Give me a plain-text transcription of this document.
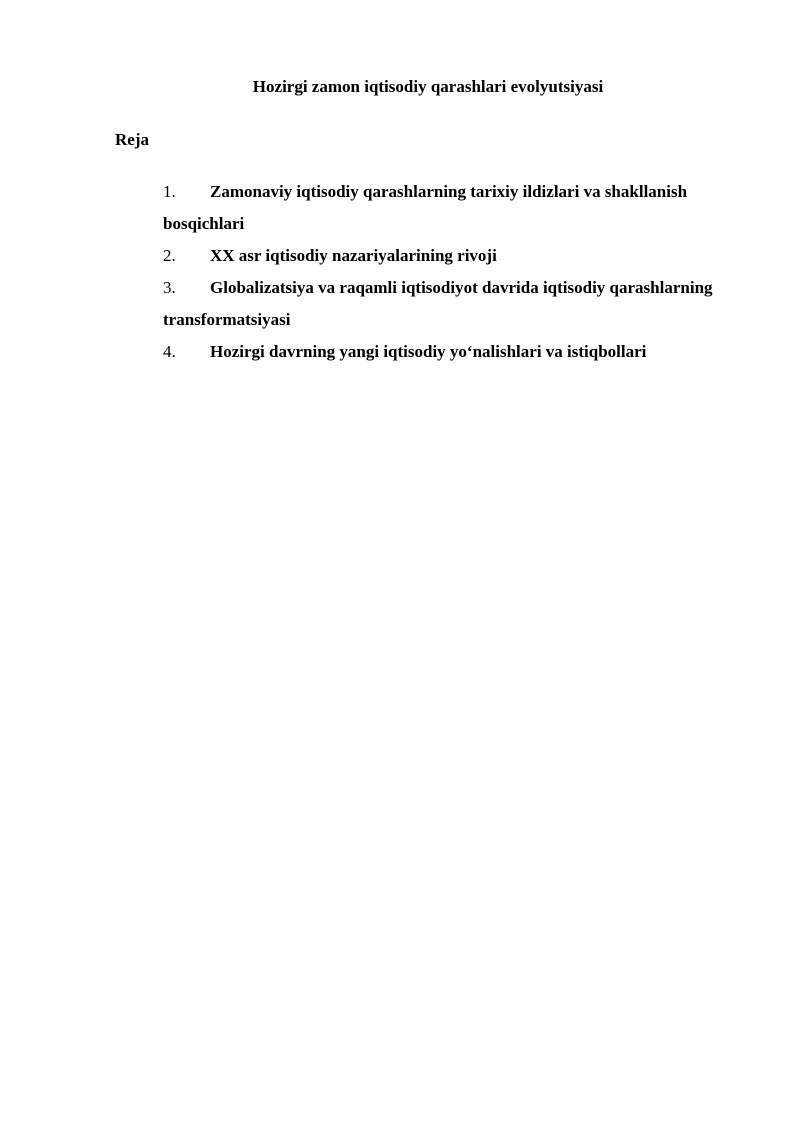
Hozirgi zamon iqtisodiy qarashlari evolyutsiyasi
Reja
1. Zamonaviy iqtisodiy qarashlarning tarixiy ildizlari va shakllanish bosqichlari
2. XX asr iqtisodiy nazariyalarining rivoji
3. Globalizatsiya va raqamli iqtisodiyot davrida iqtisodiy qarashlarning transformatsiyasi
4. Hozirgi davrning yangi iqtisodiy yo‘nalishlari va istiqbollari
